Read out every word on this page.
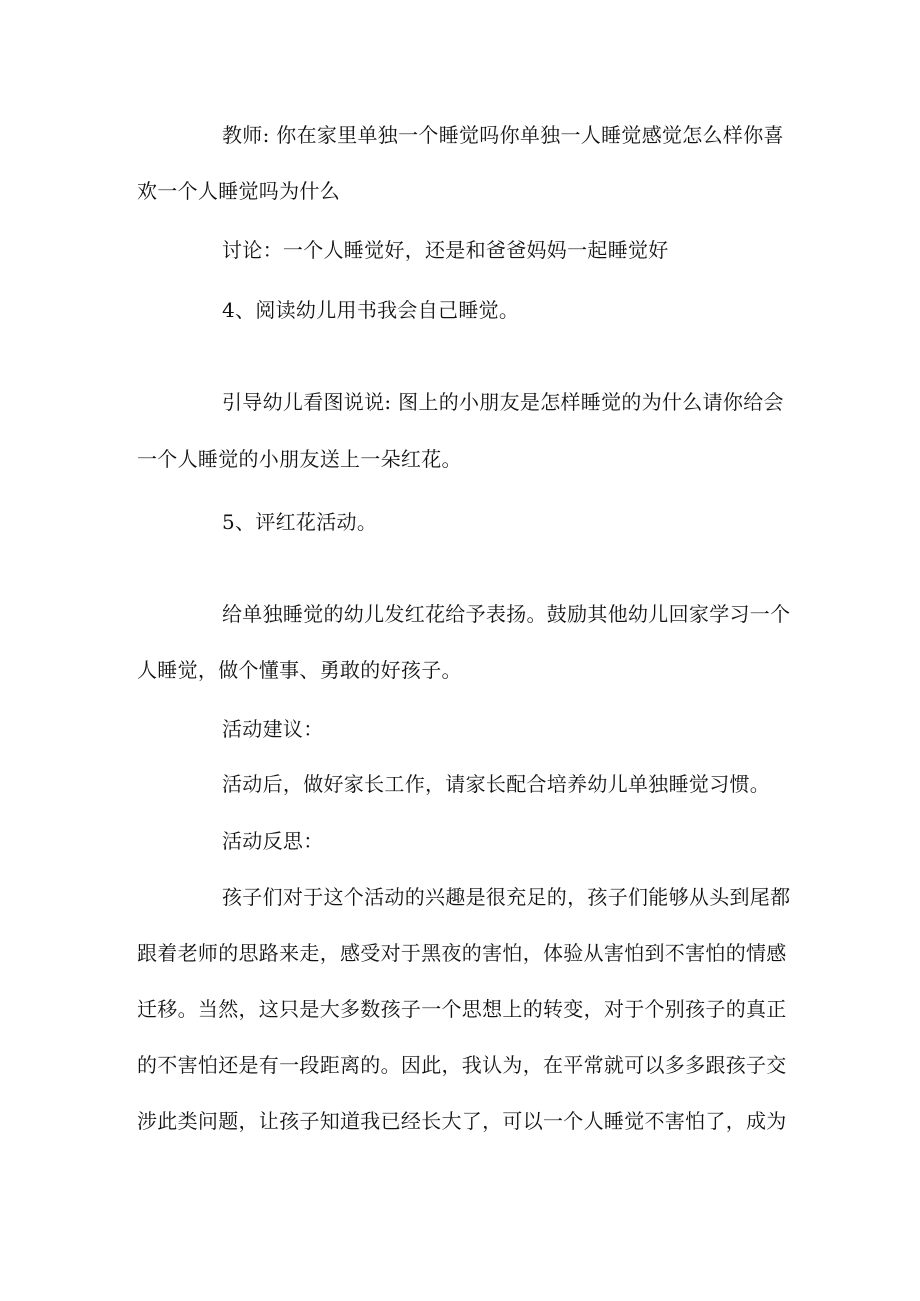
教师: 你在家里单独一个睡觉吗你单独一人睡觉感觉怎么样你喜
欢一个人睡觉吗为什么
讨论：一个人睡觉好，还是和爸爸妈妈一起睡觉好
4、阅读幼儿用书我会自己睡觉。
引导幼儿看图说说: 图上的小朋友是怎样睡觉的为什么请你给会
一个人睡觉的小朋友送上一朵红花。
5、评红花活动。
给单独睡觉的幼儿发红花给予表扬。鼓励其他幼儿回家学习一个
人睡觉，做个懂事、勇敢的好孩子。
活动建议：
活动后，做好家长工作，请家长配合培养幼儿单独睡觉习惯。
活动反思：
孩子们对于这个活动的兴趣是很充足的，孩子们能够从头到尾都
跟着老师的思路来走，感受对于黑夜的害怕，体验从害怕到不害怕的情感
迁移。当然，这只是大多数孩子一个思想上的转变，对于个别孩子的真正
的不害怕还是有一段距离的。因此，我认为，在平常就可以多多跟孩子交
涉此类问题，让孩子知道我已经长大了，可以一个人睡觉不害怕了，成为
